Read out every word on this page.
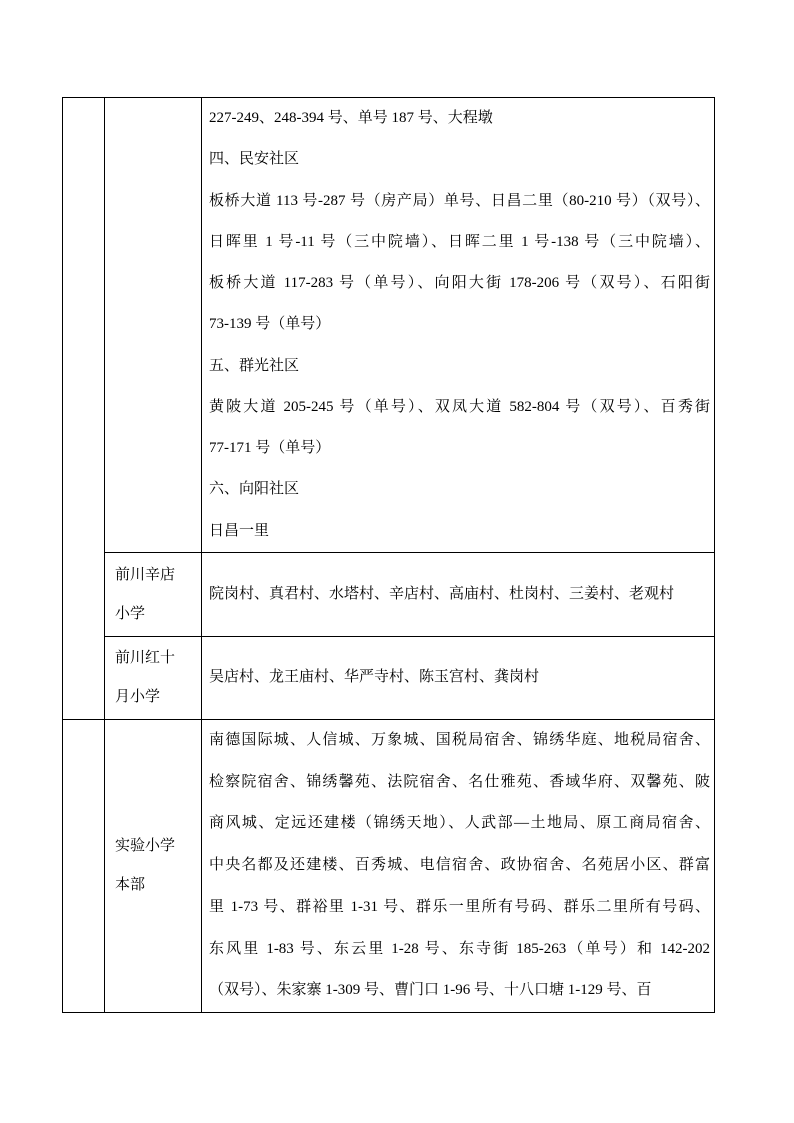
227-249、248-394 号、单号 187 号、大程墩
四、民安社区
板桥大道 113 号-287 号（房产局）单号、日昌二里（80-210 号）（双号）、
日晖里 1 号-11 号（三中院墙）、日晖二里 1 号-138 号（三中院墙）、
板桥大道 117-283 号（单号）、向阳大街 178-206 号（双号）、石阳街
73-139 号（单号）
五、群光社区
黄陂大道 205-245 号（单号）、双凤大道 582-804 号（双号）、百秀街
77-171 号（单号）
六、向阳社区
日昌一里
前川辛店
小学
院岗村、真君村、水塔村、辛店村、高庙村、杜岗村、三姜村、老观村
前川红十
月小学
吴店村、龙王庙村、华严寺村、陈玉宫村、龚岗村
实验小学
本部
南德国际城、人信城、万象城、国税局宿舍、锦绣华庭、地税局宿舍、
检察院宿舍、锦绣馨苑、法院宿舍、名仕雅苑、香域华府、双馨苑、陂
商风城、定远还建楼（锦绣天地）、人武部—土地局、原工商局宿舍、
中央名都及还建楼、百秀城、电信宿舍、政协宿舍、名苑居小区、群富
里 1-73 号、群裕里 1-31 号、群乐一里所有号码、群乐二里所有号码、
东风里 1-83 号、东云里 1-28 号、东寺街 185-263（单号）和 142-202
（双号）、朱家寨 1-309 号、曹门口 1-96 号、十八口塘 1-129 号、百
